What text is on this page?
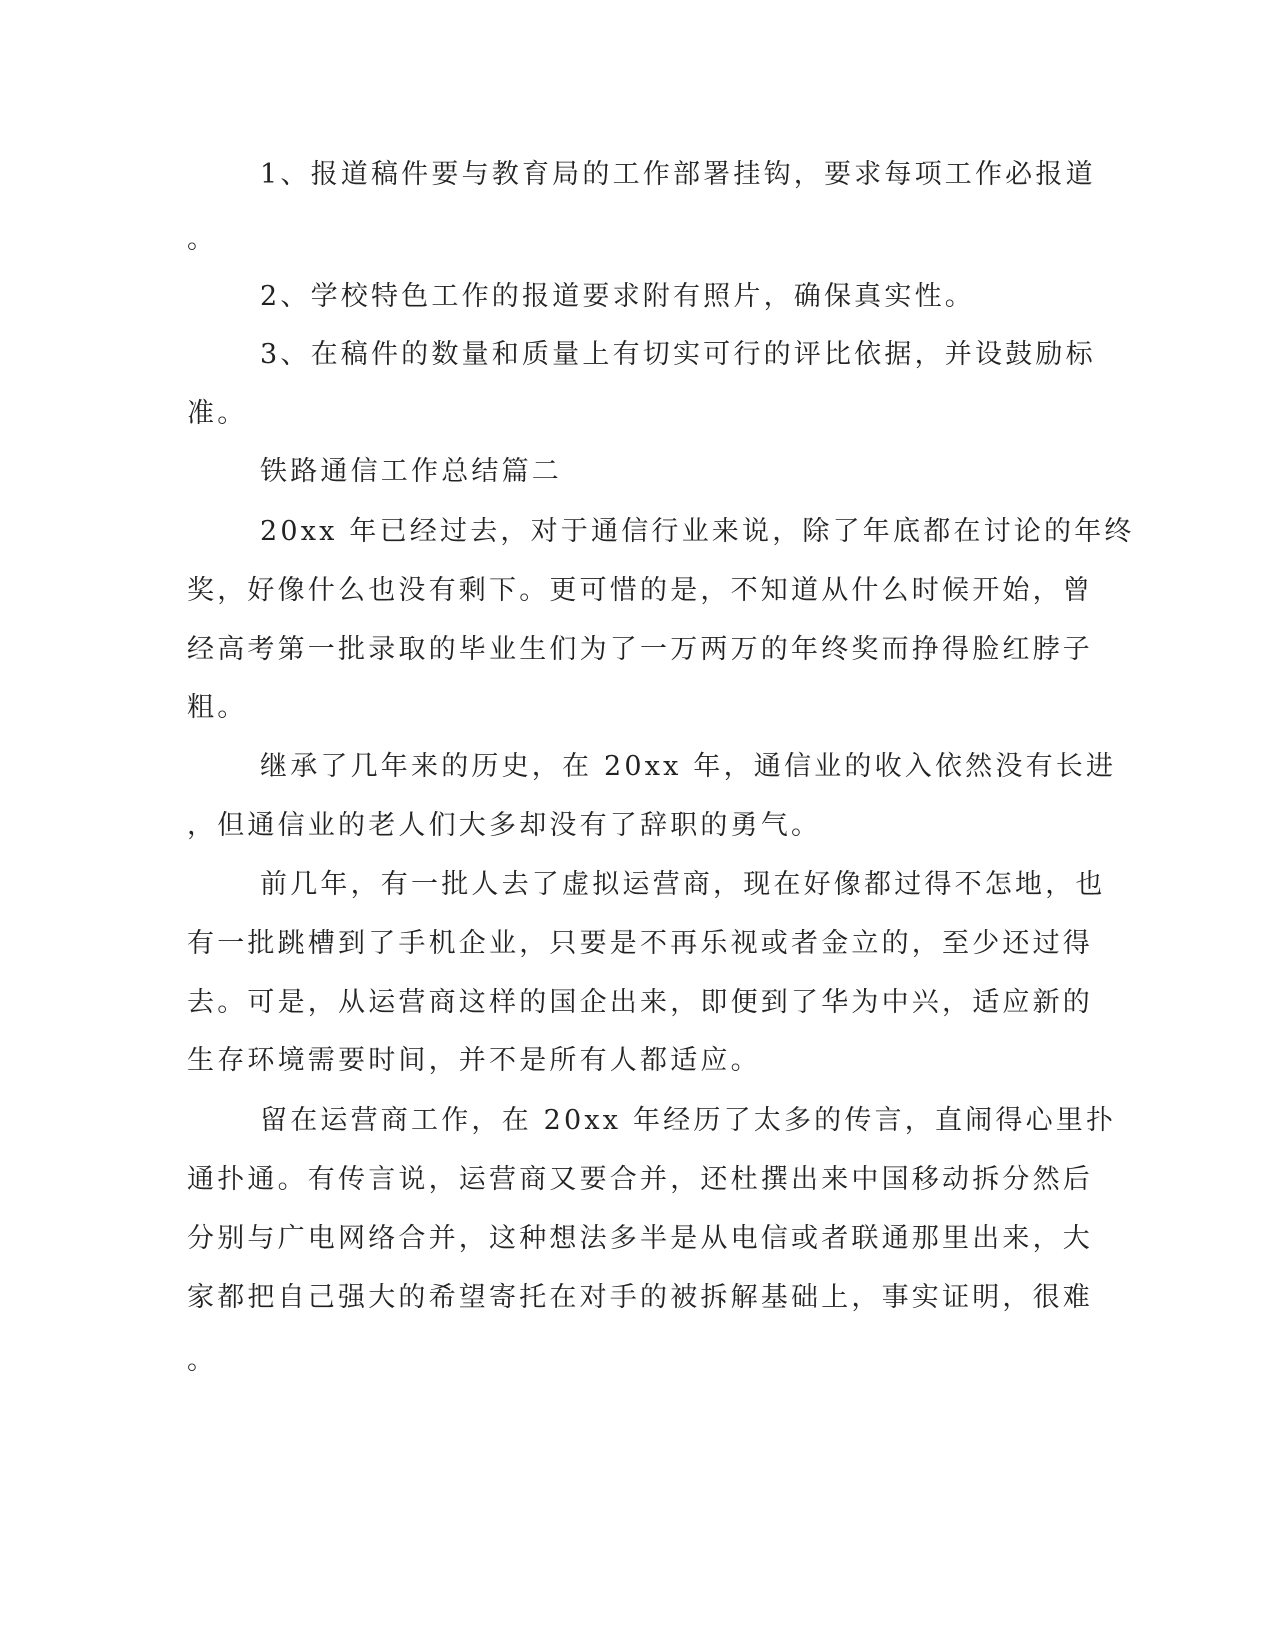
1、报道稿件要与教育局的工作部署挂钩，要求每项工作必报道
。
2、学校特色工作的报道要求附有照片，确保真实性。
3、在稿件的数量和质量上有切实可行的评比依据，并设鼓励标
准。
铁路通信工作总结篇二
20xx 年已经过去，对于通信行业来说，除了年底都在讨论的年终
奖，好像什么也没有剩下。更可惜的是，不知道从什么时候开始，曾
经高考第一批录取的毕业生们为了一万两万的年终奖而挣得脸红脖子
粗。
继承了几年来的历史，在 20xx 年，通信业的收入依然没有长进
，但通信业的老人们大多却没有了辞职的勇气。
前几年，有一批人去了虚拟运营商，现在好像都过得不怎地，也
有一批跳槽到了手机企业，只要是不再乐视或者金立的，至少还过得
去。可是，从运营商这样的国企出来，即便到了华为中兴，适应新的
生存环境需要时间，并不是所有人都适应。
留在运营商工作，在 20xx 年经历了太多的传言，直闹得心里扑
通扑通。有传言说，运营商又要合并，还杜撰出来中国移动拆分然后
分别与广电网络合并，这种想法多半是从电信或者联通那里出来，大
家都把自己强大的希望寄托在对手的被拆解基础上，事实证明，很难
。
